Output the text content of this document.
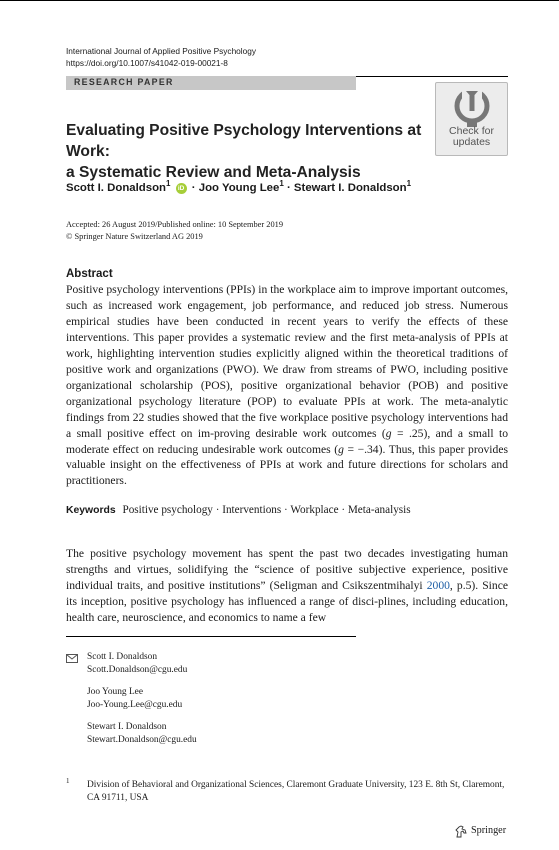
International Journal of Applied Positive Psychology
https://doi.org/10.1007/s41042-019-00021-8
RESEARCH PAPER
Check for
updates
Evaluating Positive Psychology Interventions at Work:
a Systematic Review and Meta-Analysis
Scott I. Donaldson$^1$ iD · Joo Young Lee$^1$ · Stewart I. Donaldson$^1$
Accepted: 26 August 2019/Published online: 10 September 2019
© Springer Nature Switzerland AG 2019
Abstract

Positive psychology interventions (PPIs) in the workplace aim to improve important outcomes, such as increased work engagement, job performance, and reduced job stress. Numerous empirical studies have been conducted in recent years to verify the effects of these interventions. This paper provides a systematic review and the first meta-analysis of PPIs at work, highlighting intervention studies explicitly aligned within the theoretical traditions of positive work and organizations (PWO). We draw from streams of PWO, including positive organizational scholarship (POS), positive organizational behavior (POB) and positive organizational psychology literature (POP) to evaluate PPIs at work. The meta-analytic findings from 22 studies showed that the five workplace positive psychology interventions had a small positive effect on im-proving desirable work outcomes (g = .25), and a small to moderate effect on reducing undesirable work outcomes (g = −.34). Thus, this paper provides valuable insight on the effectiveness of PPIs at work and future directions for scholars and practitioners.

Keywords Positive psychology · Interventions · Workplace · Meta-analysis
The positive psychology movement has spent the past two decades investigating human strengths and virtues, solidifying the “science of positive subjective experience, positive individual traits, and positive institutions” (Seligman and Csikszentmihalyi 2000, p.5). Since its inception, positive psychology has influenced a range of disci-plines, including education, health care, neuroscience, and economics to name a few
Scott I. Donaldson
Scott.Donaldson@cgu.edu
Joo Young Lee
Joo-Young.Lee@cgu.edu
Stewart I. Donaldson
Stewart.Donaldson@cgu.edu
1 Division of Behavioral and Organizational Sciences, Claremont Graduate University, 123 E. 8th St, Claremont, CA 91711, USA
Springer
